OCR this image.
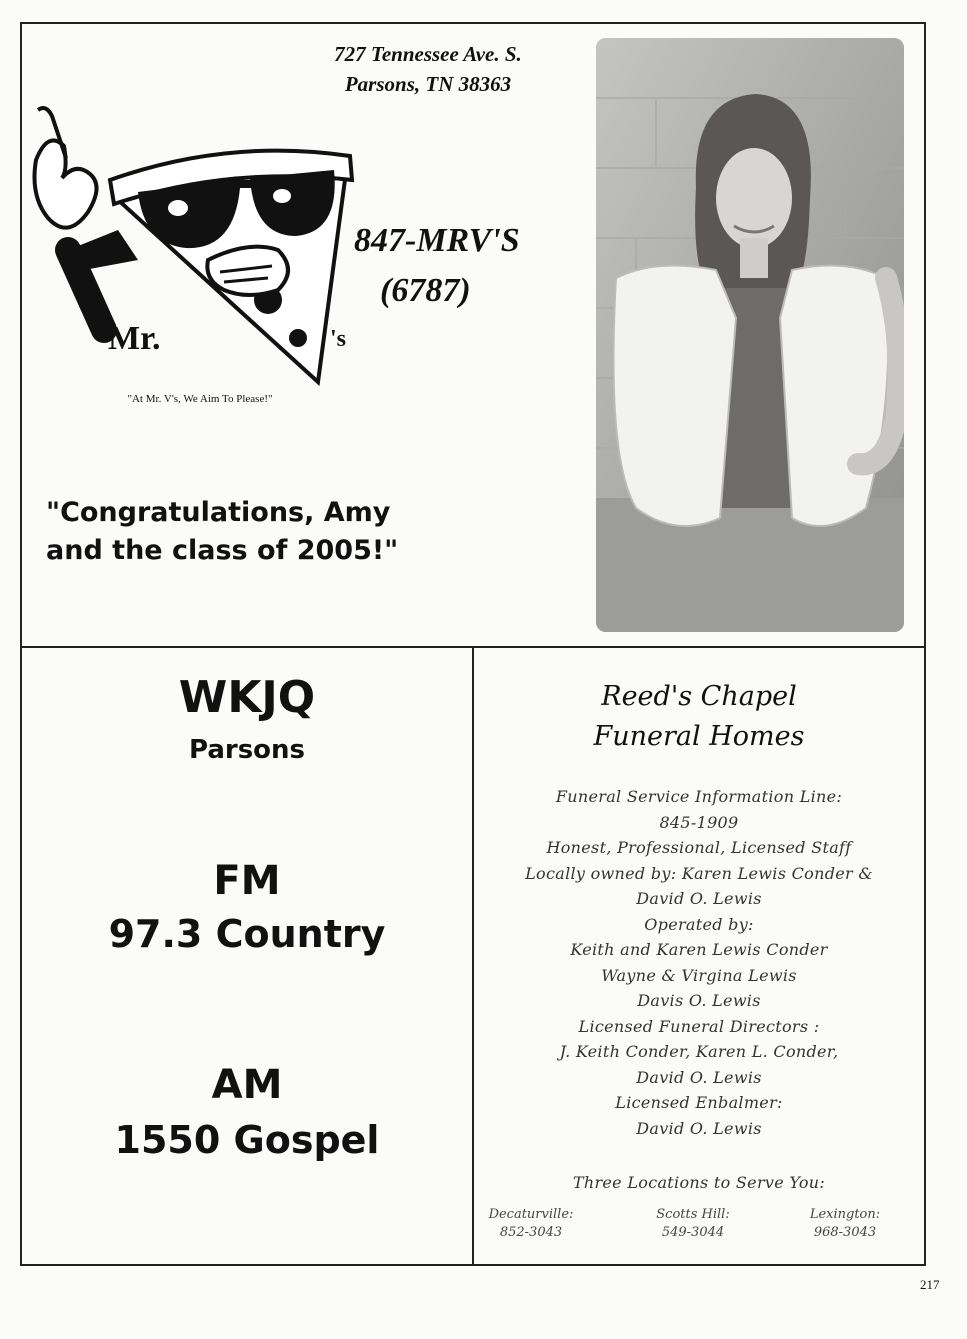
727 Tennessee Ave. S.
Parsons, TN 38363
847-MRV'S
(6787)
Mr.	's
"At Mr. V's, We Aim To Please!"
"Congratulations, Amy
and the class of 2005!"
WKJQ
Parsons
FM
97.3 Country
AM
1550 Gospel
Reed's Chapel
Funeral Homes
Funeral Service Information Line:
845-1909
Honest, Professional, Licensed Staff
Locally owned by: Karen Lewis Conder &
David O. Lewis
Operated by:
Keith and Karen Lewis Conder
Wayne & Virgina Lewis
Davis O. Lewis
Licensed Funeral Directors :
J. Keith Conder, Karen L. Conder,
David O. Lewis
Licensed Enbalmer:
David O. Lewis
Three Locations to Serve You:
Decaturville:
852-3043
Scotts Hill:
549-3044
Lexington:
968-3043
217
